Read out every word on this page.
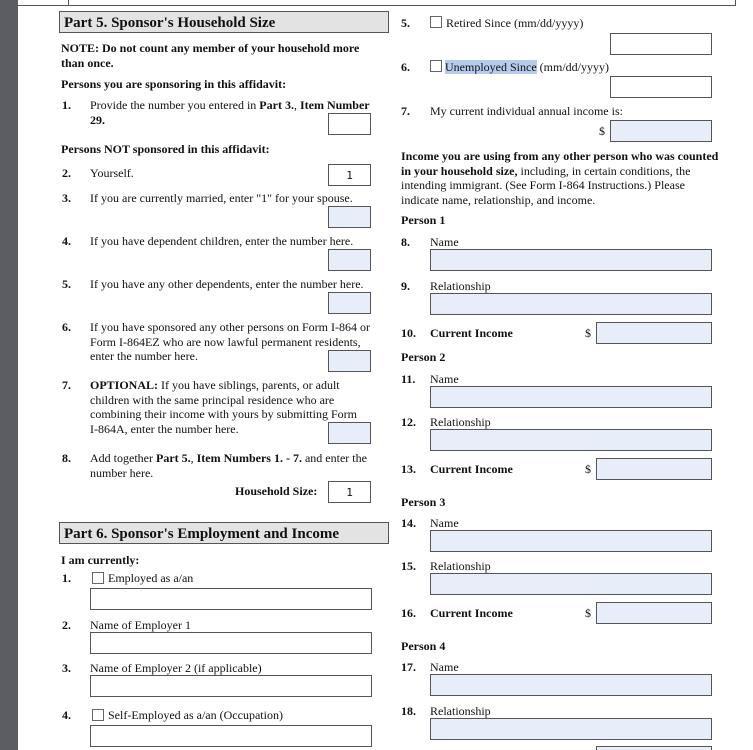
Part 5. Sponsor's Household Size
NOTE: Do not count any member of your household more than once.
Persons you are sponsoring in this affidavit:
1. Provide the number you entered in Part 3., Item Number
29.
Persons NOT sponsored in this affidavit:
2. Yourself.	1
3. If you are currently married, enter "1" for your spouse.
4. If you have dependent children, enter the number here.
5. If you have any other dependents, enter the number here.
6. If you have sponsored any other persons on Form I-864 or Form I-864EZ who are now lawful permanent residents, enter the number here.
7. OPTIONAL: If you have siblings, parents, or adult children with the same principal residence who are combining their income with yours by submitting Form I-864A, enter the number here.
8. Add together Part 5., Item Numbers 1. - 7. and enter the number here.
Household Size:	1
Part 6. Sponsor's Employment and Income
I am currently:
1.	Employed as a/an
2. Name of Employer 1
3. Name of Employer 2 (if applicable)
4.	Self-Employed as a/an (Occupation)
5.	Retired Since (mm/dd/yyyy)
6.	Unemployed Since (mm/dd/yyyy)
7. My current individual annual income is:
$
Income you are using from any other person who was counted in your household size, including, in certain conditions, the intending immigrant. (See Form I-864 Instructions.) Please indicate name, relationship, and income.
Person 1
8. Name
9. Relationship
10. Current Income	$
Person 2
11. Name
12. Relationship
13. Current Income	$
Person 3
14. Name
15. Relationship
16. Current Income	$
Person 4
17. Name
18. Relationship
